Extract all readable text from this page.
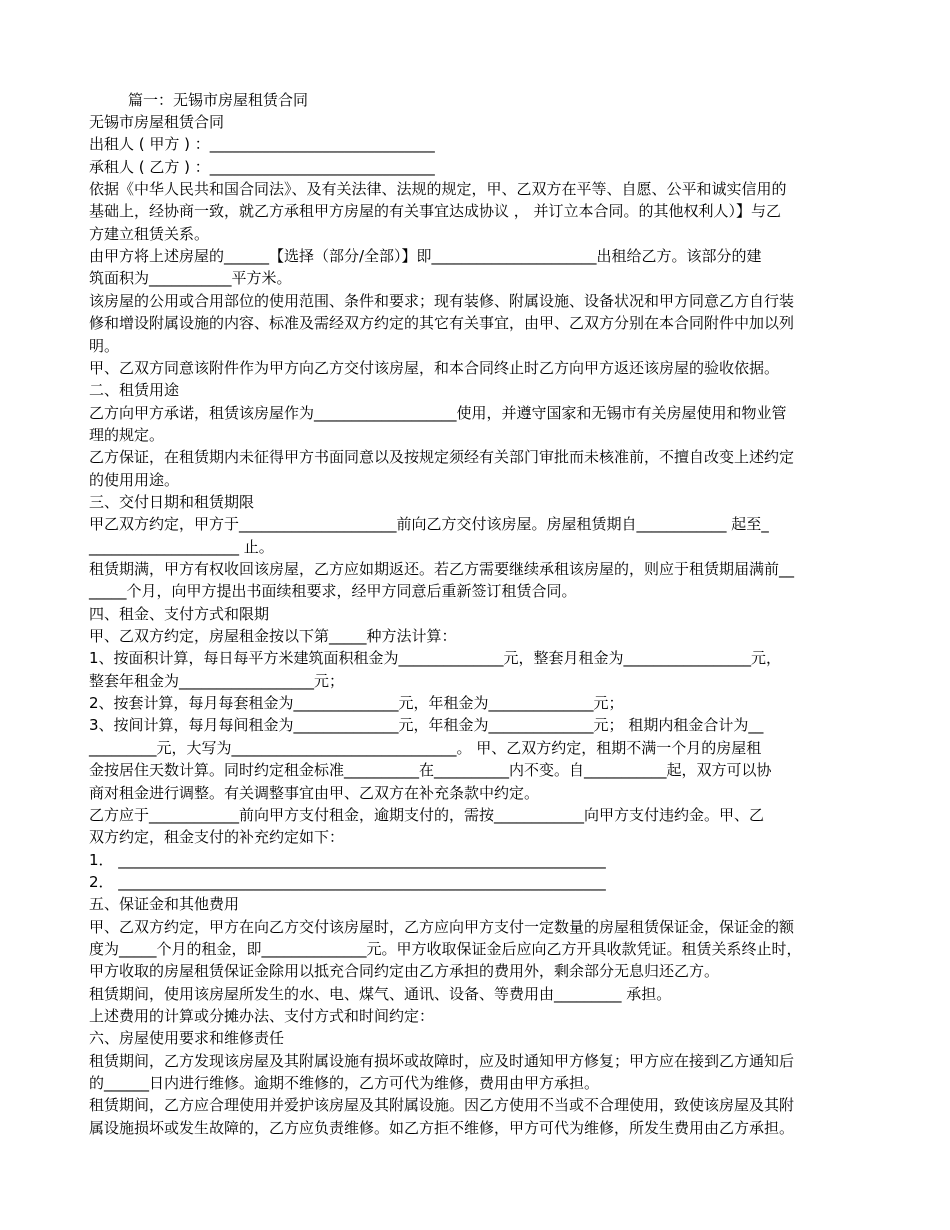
篇一：无锡市房屋租赁合同
无锡市房屋租赁合同
出租人 ( 甲方 ) ：______________________________
承租人 ( 乙方 ) ：______________________________
依据《中华人民共和国合同法》、及有关法律、法规的规定，甲、乙双方在平等、自愿、公平和诚实信用的
基础上，经协商一致，就乙方承租甲方房屋的有关事宜达成协议 ， 并订立本合同。的其他权利人）】与乙
方建立租赁关系。
由甲方将上述房屋的______【选择（部分/全部）】即______________________出租给乙方。该部分的建
筑面积为___________平方米。
该房屋的公用或合用部位的使用范围、条件和要求；现有装修、附属设施、设备状况和甲方同意乙方自行装
修和增设附属设施的内容、标准及需经双方约定的其它有关事宜，由甲、乙双方分别在本合同附件中加以列
明。
甲、乙双方同意该附件作为甲方向乙方交付该房屋，和本合同终止时乙方向甲方返还该房屋的验收依据。
二、租赁用途
乙方向甲方承诺，租赁该房屋作为___________________使用，并遵守国家和无锡市有关房屋使用和物业管
理的规定。
乙方保证，在租赁期内未征得甲方书面同意以及按规定须经有关部门审批而未核准前，不擅自改变上述约定
的使用用途。
三、交付日期和租赁期限
甲乙双方约定，甲方于_____________________前向乙方交付该房屋。房屋租赁期自____________ 起至_
____________________ 止。
租赁期满，甲方有权收回该房屋，乙方应如期返还。若乙方需要继续承租该房屋的，则应于租赁期届满前__
_____个月，向甲方提出书面续租要求，经甲方同意后重新签订租赁合同。
四、租金、支付方式和限期
甲、乙双方约定，房屋租金按以下第_____种方法计算：
1、按面积计算，每日每平方米建筑面积租金为______________元，整套月租金为_________________元，
整套年租金为__________________元；
2、按套计算，每月每套租金为______________元，年租金为______________元；
3、按间计算，每月每间租金为______________元，年租金为______________元； 租期内租金合计为__
_________元，大写为______________________________。 甲、乙双方约定，租期不满一个月的房屋租
金按居住天数计算。同时约定租金标准__________在__________内不变。自___________起，双方可以协
商对租金进行调整。有关调整事宜由甲、乙双方在补充条款中约定。
乙方应于____________前向甲方支付租金，逾期支付的，需按____________向甲方支付违约金。甲、乙
双方约定，租金支付的补充约定如下：
1． _________________________________________________________________
2． _________________________________________________________________
五、保证金和其他费用
甲、乙双方约定，甲方在向乙方交付该房屋时，乙方应向甲方支付一定数量的房屋租赁保证金，保证金的额
度为_____个月的租金，即______________元。甲方收取保证金后应向乙方开具收款凭证。租赁关系终止时，
甲方收取的房屋租赁保证金除用以抵充合同约定由乙方承担的费用外，剩余部分无息归还乙方。
租赁期间，使用该房屋所发生的水、电、煤气、通讯、设备、等费用由_________ 承担。
上述费用的计算或分摊办法、支付方式和时间约定：
六、房屋使用要求和维修责任
租赁期间，乙方发现该房屋及其附属设施有损坏或故障时，应及时通知甲方修复；甲方应在接到乙方通知后
的______日内进行维修。逾期不维修的，乙方可代为维修，费用由甲方承担。
租赁期间，乙方应合理使用并爱护该房屋及其附属设施。因乙方使用不当或不合理使用，致使该房屋及其附
属设施损坏或发生故障的，乙方应负责维修。如乙方拒不维修，甲方可代为维修，所发生费用由乙方承担。
